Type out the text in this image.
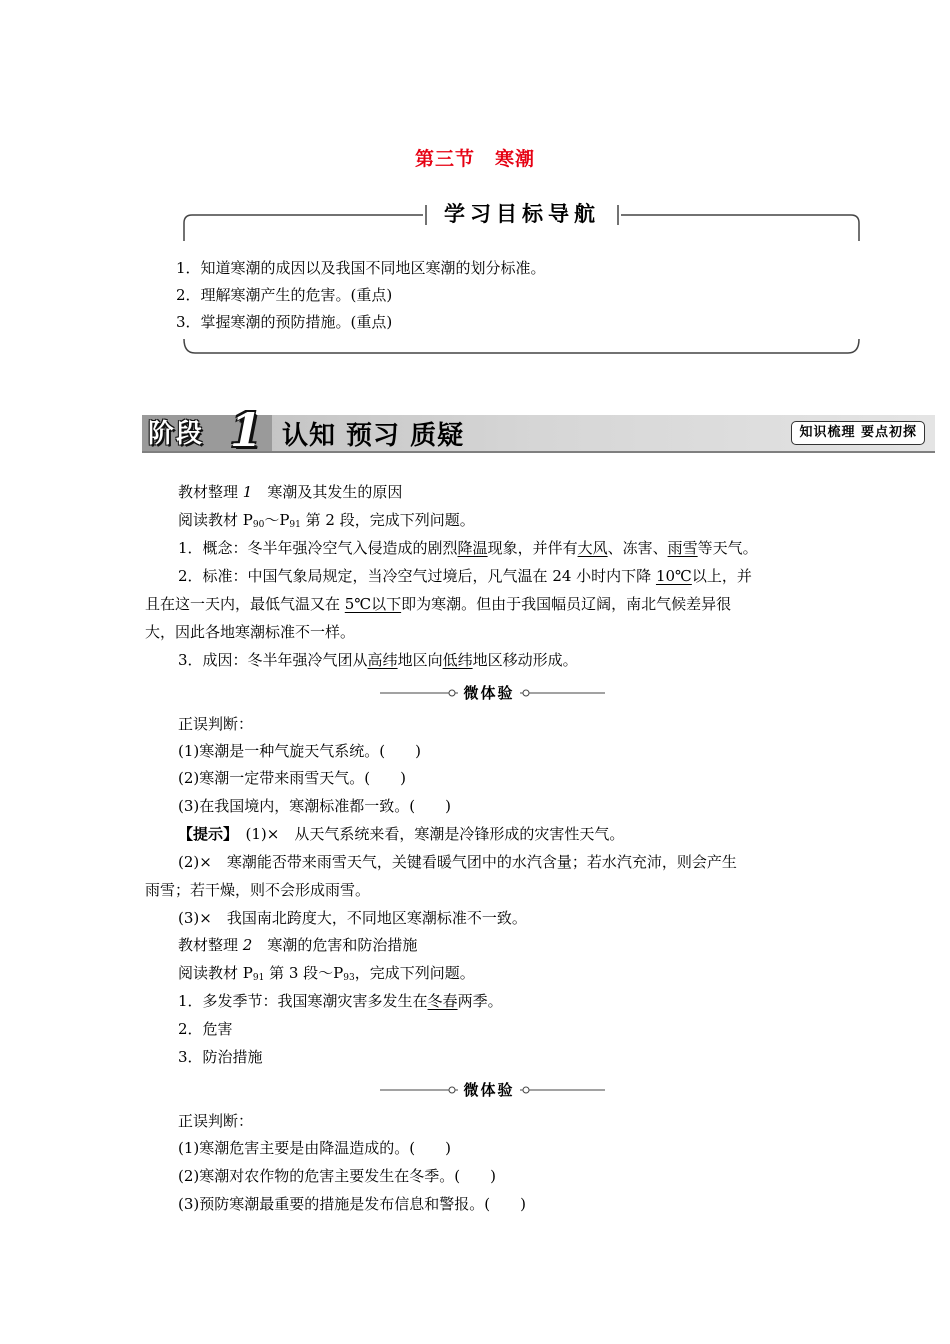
第三节　寒潮
学习目标导航
1．知道寒潮的成因以及我国不同地区寒潮的划分标准。
2．理解寒潮产生的危害。(重点)
3．掌握寒潮的预防措施。(重点)
阶段 1 认知 预习 质疑	知识梳理 要点初探
教材整理 1　 寒潮及其发生的原因
阅读教材 $P_{90}\sim P_{91}$ 第 2 段，完成下列问题。
1．概念：冬半年强冷空气入侵造成的剧烈降温现象，并伴有大风、冻害、雨雪等天气。
2．标准：中国气象局规定，当冷空气过境后，凡气温在 24 小时内下降 10℃以上，并
且在这一天内，最低气温又在 5℃以下即为寒潮。但由于我国幅员辽阔，南北气候差异很
大，因此各地寒潮标准不一样。
3．成因：冬半年强冷气团从高纬地区向低纬地区移动形成。
微体验
正误判断：
(1)寒潮是一种气旋天气系统。(　　)
(2)寒潮一定带来雨雪天气。(　　)
(3)在我国境内，寒潮标准都一致。(　　)
【提示】　 (1)×　从天气系统来看，寒潮是冷锋形成的灾害性天气。
(2)×　寒潮能否带来雨雪天气，关键看暖气团中的水汽含量；若水汽充沛，则会产生
雨雪；若干燥，则不会形成雨雪。
(3)×　我国南北跨度大，不同地区寒潮标准不一致。
教材整理 2　 寒潮的危害和防治措施
阅读教材 $P_{91}$ 第 3 段$\sim P_{93}$，完成下列问题。
1．多发季节：我国寒潮灾害多发生在冬春两季。
2．危害
3．防治措施
微体验
正误判断：
(1)寒潮危害主要是由降温造成的。(　　)
(2)寒潮对农作物的危害主要发生在冬季。(　　)
(3)预防寒潮最重要的措施是发布信息和警报。(　　)
